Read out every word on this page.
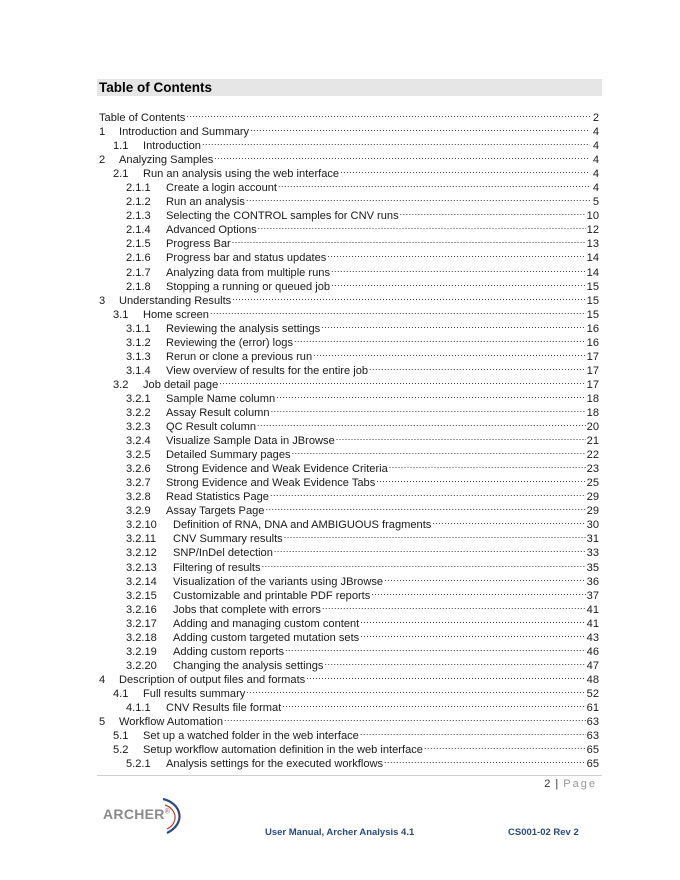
Table of Contents
Table of Contents .....	2
1	Introduction and Summary .....	4
1.1	Introduction .....	4
2	Analyzing Samples .....	4
2.1	Run an analysis using the web interface .....	4
2.1.1	Create a login account .....	4
2.1.2	Run an analysis .....	5
2.1.3	Selecting the CONTROL samples for CNV runs .....	10
2.1.4	Advanced Options .....	12
2.1.5	Progress Bar .....	13
2.1.6	Progress bar and status updates .....	14
2.1.7	Analyzing data from multiple runs .....	14
2.1.8	Stopping a running or queued job .....	15
3	Understanding Results .....	15
3.1	Home screen .....	15
3.1.1	Reviewing the analysis settings .....	16
3.1.2	Reviewing the (error) logs .....	16
3.1.3	Rerun or clone a previous run .....	17
3.1.4	View overview of results for the entire job .....	17
3.2	Job detail page .....	17
3.2.1	Sample Name column .....	18
3.2.2	Assay Result column .....	18
3.2.3	QC Result column .....	20
3.2.4	Visualize Sample Data in JBrowse .....	21
3.2.5	Detailed Summary pages .....	22
3.2.6	Strong Evidence and Weak Evidence Criteria .....	23
3.2.7	Strong Evidence and Weak Evidence Tabs .....	25
3.2.8	Read Statistics Page .....	29
3.2.9	Assay Targets Page .....	29
3.2.10	Definition of RNA, DNA and AMBIGUOUS fragments .....	30
3.2.11	CNV Summary results .....	31
3.2.12	SNP/InDel detection .....	33
3.2.13	Filtering of results .....	35
3.2.14	Visualization of the variants using JBrowse .....	36
3.2.15	Customizable and printable PDF reports .....	37
3.2.16	Jobs that complete with errors .....	41
3.2.17	Adding and managing custom content .....	41
3.2.18	Adding custom targeted mutation sets .....	43
3.2.19	Adding custom reports .....	46
3.2.20	Changing the analysis settings .....	47
4	Description of output files and formats .....	48
4.1	Full results summary .....	52
4.1.1	CNV Results file format .....	61
5	Workflow Automation .....	63
5.1	Set up a watched folder in the web interface .....	63
5.2	Setup workflow automation definition in the web interface .....	65
5.2.1	Analysis settings for the executed workflows .....	65
2 | Page
ARCHER®
User Manual, Archer Analysis 4.1	CS001-02 Rev 2
